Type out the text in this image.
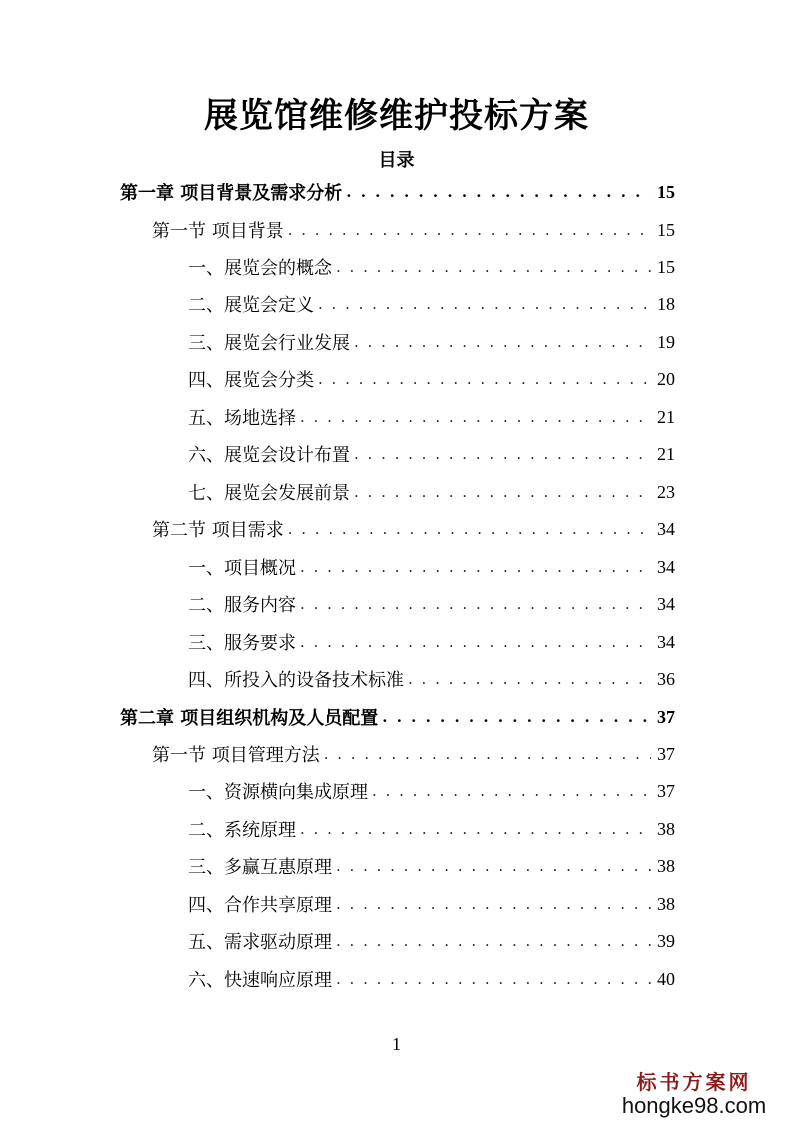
展览馆维修维护投标方案
目录
第一章 项目背景及需求分析 . . .	15
第一节 项目背景 . . .	15
一、展览会的概念 . . .	15
二、展览会定义 . . .	18
三、展览会行业发展 . . .	19
四、展览会分类 . . .	20
五、场地选择 . . .	21
六、展览会设计布置 . . .	21
七、展览会发展前景 . . .	23
第二节 项目需求 . . .	34
一、项目概况 . . .	34
二、服务内容 . . .	34
三、服务要求 . . .	34
四、所投入的设备技术标准 . . .	36
第二章 项目组织机构及人员配置 . . .	37
第一节 项目管理方法 . . .	37
一、资源横向集成原理 . . .	37
二、系统原理 . . .	38
三、多赢互惠原理 . . .	38
四、合作共享原理 . . .	38
五、需求驱动原理 . . .	39
六、快速响应原理 . . .	40
1
标书方案网
hongke98.com
